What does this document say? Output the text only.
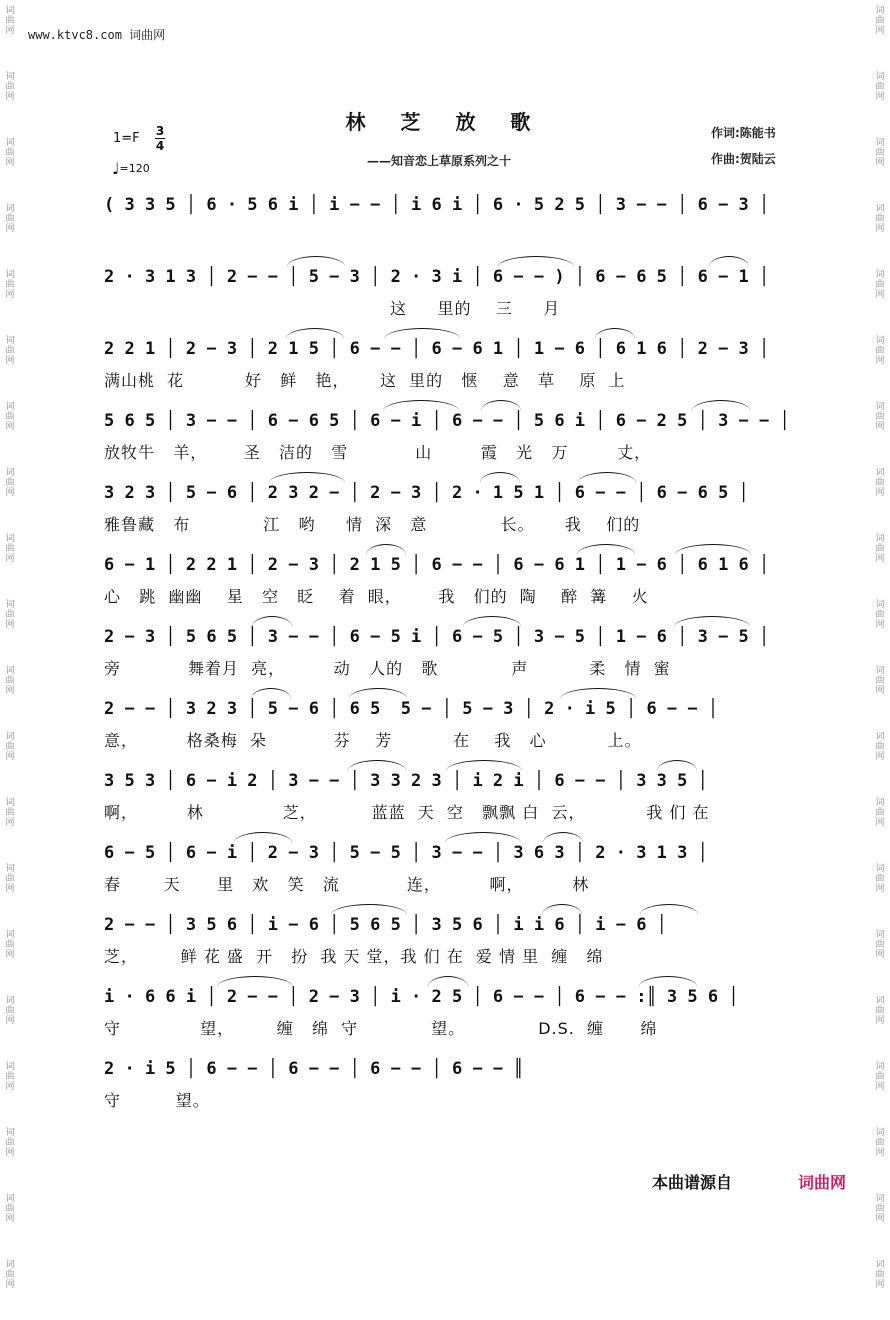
词
曲
网
词
曲
网
词
曲
网
词
曲
网
词
曲
网
词
曲
网
词
曲
网
词
曲
网
词
曲
网
词
曲
网
词
曲
网
词
曲
网
词
曲
网
词
曲
网
词
曲
网
词
曲
网
词
曲
网
词
曲
网
词
曲
网
词
曲
网
词
曲
网
词
曲
网
词
曲
网
词
曲
网
词
曲
网
词
曲
网
词
曲
网
词
曲
网
词
曲
网
词
曲
网
词
曲
网
词
曲
网
词
曲
网
词
曲
网
词
曲
网
词
曲
网
词
曲
网
词
曲
网
词
曲
网
词
曲
网
www.ktvc8.com 词曲网
林 芝 放 歌
——知音恋上草原系列之十
作词:陈能书
作曲:贺陆云
1=F 3
4
♩=120
( 3 3 5 │ 6 · 5 6 i │ i − − │ i 6 i │ 6 · 5 2 5 │ 3 − − │ 6 − 3 │
2 · 3 1 3 │ 2 − − │ 5 − 3 │ 2 · 3 i │ 6 − − ) │ 6 − 6 5 │ 6 − 1 │
这     里的    三     月
2 2 1 │ 2 − 3 │ 2 1 5 │ 6 − − │ 6 − 6 1 │ 1 − 6 │ 6 1 6 │ 2 − 3 │
满山桃  花          好   鲜   艳，     这  里的   惬    意   草    原  上
5 6 5 │ 3 − − │ 6 − 6 5 │ 6 − i │ 6 − − │ 5 6 i │ 6 − 2 5 │ 3 − − │
放牧牛   羊，      圣   洁的   雪           山        霞   光   万        丈，
3 2 3 │ 5 − 6 │ 2 3 2 − │ 2 − 3 │ 2 · 1 5 1 │ 6 − − │ 6 − 6 5 │
雅鲁藏   布            江   哟     情  深   意            长。     我    们的
6 − 1 │ 2 2 1 │ 2 − 3 │ 2 1 5 │ 6 − − │ 6 − 6 1 │ 1 − 6 │ 6 1 6 │
心   跳  幽幽    星   空   眨    着  眼，      我   们的  陶    醉  篝    火
2 − 3 │ 5 6 5 │ 3 − − │ 6 − 5 i │ 6 − 5 │ 3 − 5 │ 1 − 6 │ 3 − 5 │
旁           舞着月  亮，        动   人的   歌            声          柔   情  蜜
2 − − │ 3 2 3 │ 5 − 6 │ 6 5  5 − │ 5 − 3 │ 2 · i 5 │ 6 − − │
意，        格桑梅  朵           芬    芳          在    我   心          上。
3 5 3 │ 6 − i 2 │ 3 − − │ 3 3 2 3 │ i 2 i │ 6 − − │ 3 3 5 │
啊，        林             芝，         蓝蓝  天  空   飘飘 白  云，          我 们 在
6 − 5 │ 6 − i │ 2 − 3 │ 5 − 5 │ 3 − − │ 3 6 3 │ 2 · 3 1 3 │
春       天      里   欢   笑   流           连，        啊，        林
2 − − │ 3 5 6 │ i − 6 │ 5 6 5 │ 3 5 6 │ i i 6 │ i − 6 │
芝，       鲜 花 盛  开   扮  我 天 堂，我 们 在  爱 情 里  缠   绵
i · 6 6 i │ 2 − − │ 2 − 3 │ i · 2 5 │ 6 − − │ 6 − − :║ 3 5 6 │
守             望，       缠   绵  守            望。            D.S.  缠      绵
2 · i 5 │ 6 − − │ 6 − − │ 6 − − │ 6 − − ║
守         望。
本曲谱源自	词曲网
